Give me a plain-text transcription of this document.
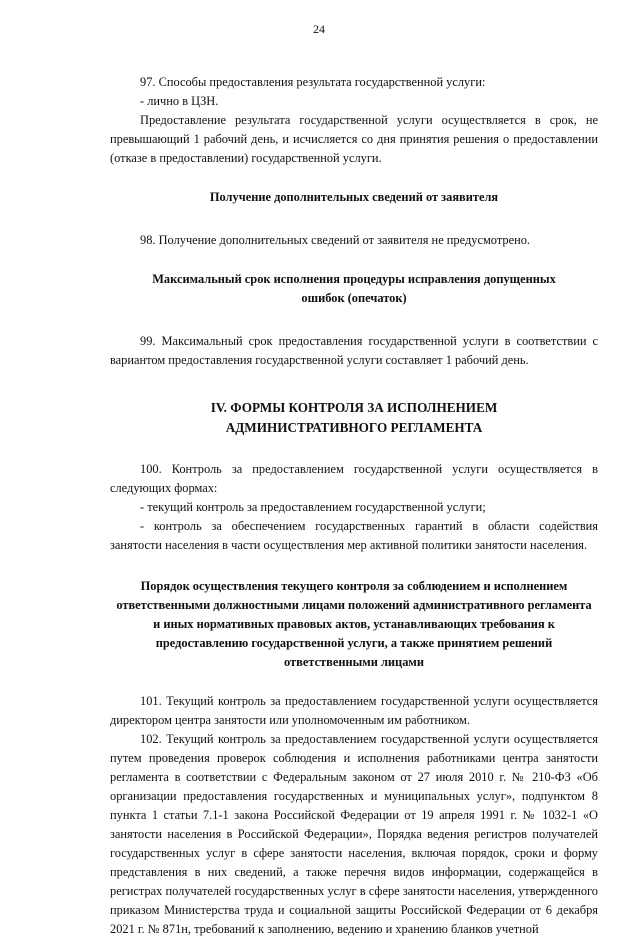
24

97. Способы предоставления результата государственной услуги:

- лично в ЦЗН.

Предоставление результата государственной услуги осуществляется в срок, не превышающий 1 рабочий день, и исчисляется со дня принятия решения о предоставлении (отказе в предоставлении) государственной услуги.

Получение дополнительных сведений от заявителя

98. Получение дополнительных сведений от заявителя не предусмотрено.

Максимальный срок исполнения процедуры исправления допущенных ошибок (опечаток)

99. Максимальный срок предоставления государственной услуги в соответствии с вариантом предоставления государственной услуги составляет 1 рабочий день.

IV. ФОРМЫ КОНТРОЛЯ ЗА ИСПОЛНЕНИЕМ АДМИНИСТРАТИВНОГО РЕГЛАМЕНТА

100. Контроль за предоставлением государственной услуги осуществляется в следующих формах:

- текущий контроль за предоставлением государственной услуги;

- контроль за обеспечением государственных гарантий в области содействия занятости населения в части осуществления мер активной политики занятости населения.

Порядок осуществления текущего контроля за соблюдением и исполнением ответственными должностными лицами положений административного регламента и иных нормативных правовых актов, устанавливающих требования к предоставлению государственной услуги, а также принятием решений ответственными лицами

101. Текущий контроль за предоставлением государственной услуги осуществляется директором центра занятости или уполномоченным им работником.

102. Текущий контроль за предоставлением государственной услуги осуществляется путем проведения проверок соблюдения и исполнения работниками центра занятости регламента в соответствии с Федеральным законом от 27 июля 2010 г. № 210-ФЗ «Об организации предоставления государственных и муниципальных услуг», подпунктом 8 пункта 1 статьи 7.1-1 закона Российской Федерации от 19 апреля 1991 г. № 1032-1 «О занятости населения в Российской Федерации», Порядка ведения регистров получателей государственных услуг в сфере занятости населения, включая порядок, сроки и форму представления в них сведений, а также перечня видов информации, содержащейся в регистрах получателей государственных услуг в сфере занятости населения, утвержденного приказом Министерства труда и социальной защиты Российской Федерации от 6 декабря 2021 г. № 871н, требований к заполнению, ведению и хранению бланков учетной
